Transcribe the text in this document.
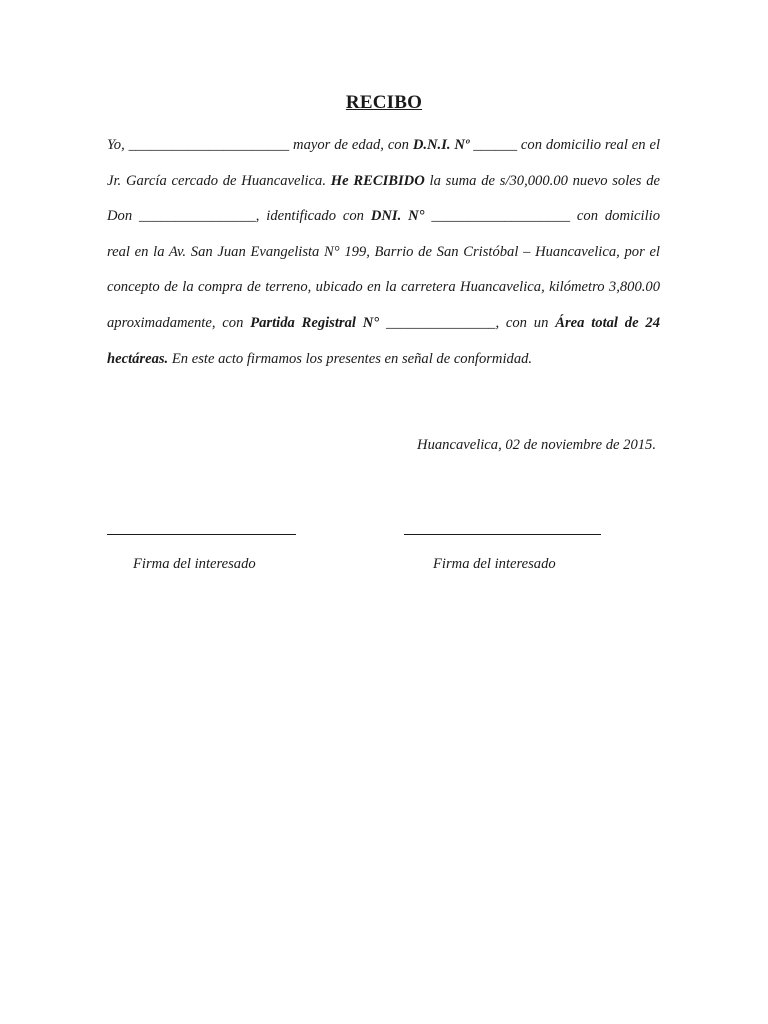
RECIBO

Yo, ______________________ mayor de edad, con D.N.I. Nº ______ con domicilio real en el Jr. García cercado de Huancavelica. He RECIBIDO la suma de s/30,000.00 nuevo soles de Don ________________, identificado con DNI. N° ___________________ con domicilio real en la Av. San Juan Evangelista N° 199, Barrio de San Cristóbal – Huancavelica, por el concepto de la compra de terreno, ubicado en la carretera Huancavelica, kilómetro 3,800.00 aproximadamente, con Partida Registral N° _______________, con un Área total de 24 hectáreas. En este acto firmamos los presentes en señal de conformidad.

Huancavelica, 02 de noviembre de 2015.
Firma del interesado	Firma del interesado
